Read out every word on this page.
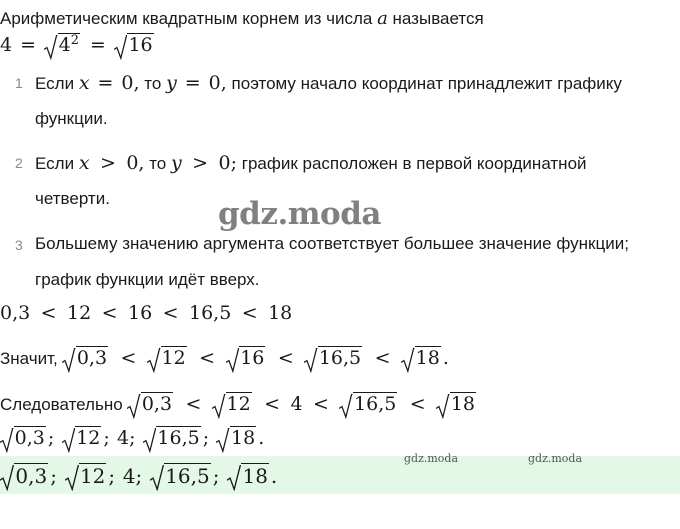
Арифметическим квадратным корнем из числа a называется
$4 = 4^2 = 16$
1 Если x = 0, то y = 0, поэтому начало координат принадлежит графику
функции.
2 Если x > 0, то y > 0; график расположен в первой координатной
четверти.	gdz.moda
3 Большему значению аргумента соответствует большее значение функции;
график функции идёт вверх.
0,3 < 12 < 16 < 16,5 < 18
Значит, 0,3 < 12 < 16 < 16,5 < 18 .
Следовательно 0,3 < 12 < 4 < 16,5 < 18
0,3 ; 12 ; 4; 16,5 ; 18 .
gdz.moda	gdz.moda
0,3 ; 12 ; 4; 16,5 ; 18 .
